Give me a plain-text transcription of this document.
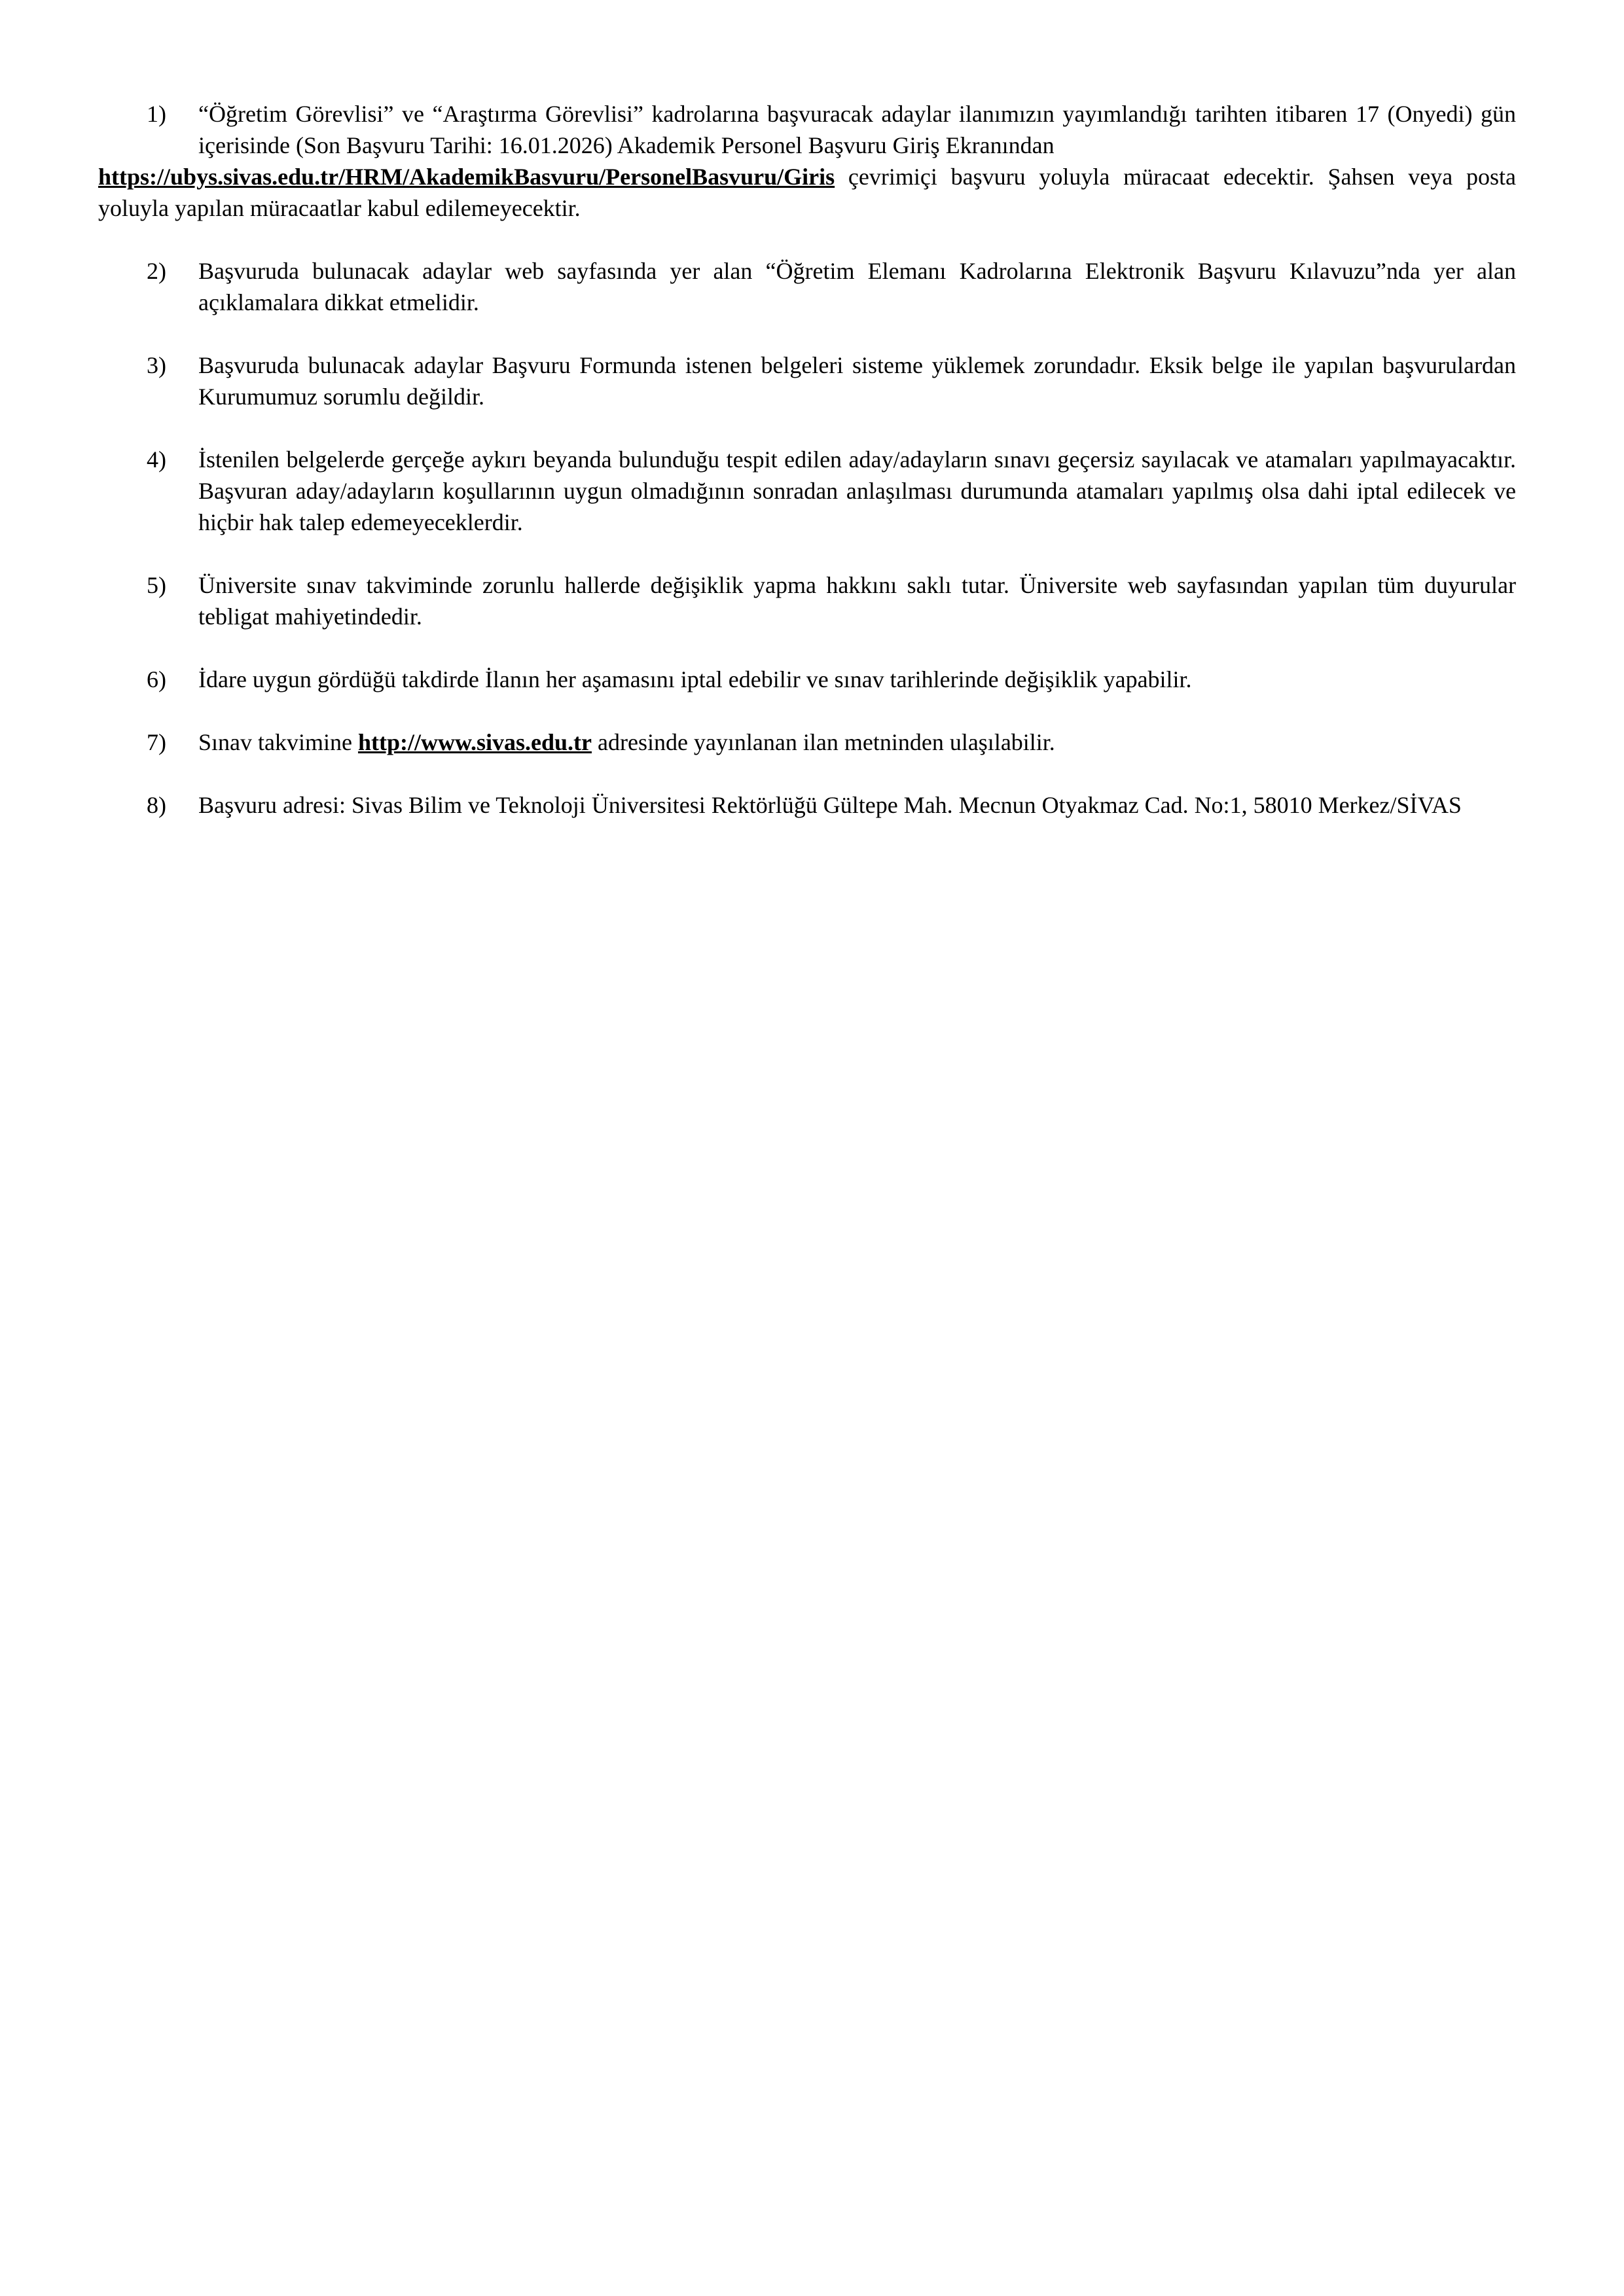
1)	“Öğretim Görevlisi” ve “Araştırma Görevlisi” kadrolarına başvuracak adaylar ilanımızın yayımlandığı tarihten itibaren 17 (Onyedi) gün içerisinde (Son Başvuru Tarihi: 16.01.2026) Akademik Personel Başvuru Giriş Ekranından
https://ubys.sivas.edu.tr/HRM/AkademikBasvuru/PersonelBasvuru/Giris çevrimiçi başvuru yoluyla müracaat edecektir. Şahsen veya posta yoluyla yapılan müracaatlar kabul edilemeyecektir.
2) Başvuruda bulunacak adaylar web sayfasında yer alan “Öğretim Elemanı Kadrolarına Elektronik Başvuru Kılavuzu”nda yer alan açıklamalara dikkat etmelidir.
3) Başvuruda bulunacak adaylar Başvuru Formunda istenen belgeleri sisteme yüklemek zorundadır. Eksik belge ile yapılan başvurulardan Kurumumuz sorumlu değildir.
4) İstenilen belgelerde gerçeğe aykırı beyanda bulunduğu tespit edilen aday/adayların sınavı geçersiz sayılacak ve atamaları yapılmayacaktır. Başvuran aday/adayların koşullarının uygun olmadığının sonradan anlaşılması durumunda atamaları yapılmış olsa dahi iptal edilecek ve hiçbir hak talep edemeyeceklerdir.
5) Üniversite sınav takviminde zorunlu hallerde değişiklik yapma hakkını saklı tutar. Üniversite web sayfasından yapılan tüm duyurular tebligat mahiyetindedir.
6) İdare uygun gördüğü takdirde İlanın her aşamasını iptal edebilir ve sınav tarihlerinde değişiklik yapabilir.
7) Sınav takvimine http://www.sivas.edu.tr adresinde yayınlanan ilan metninden ulaşılabilir.
8) Başvuru adresi: Sivas Bilim ve Teknoloji Üniversitesi Rektörlüğü Gültepe Mah. Mecnun Otyakmaz Cad. No:1, 58010 Merkez/SİVAS
